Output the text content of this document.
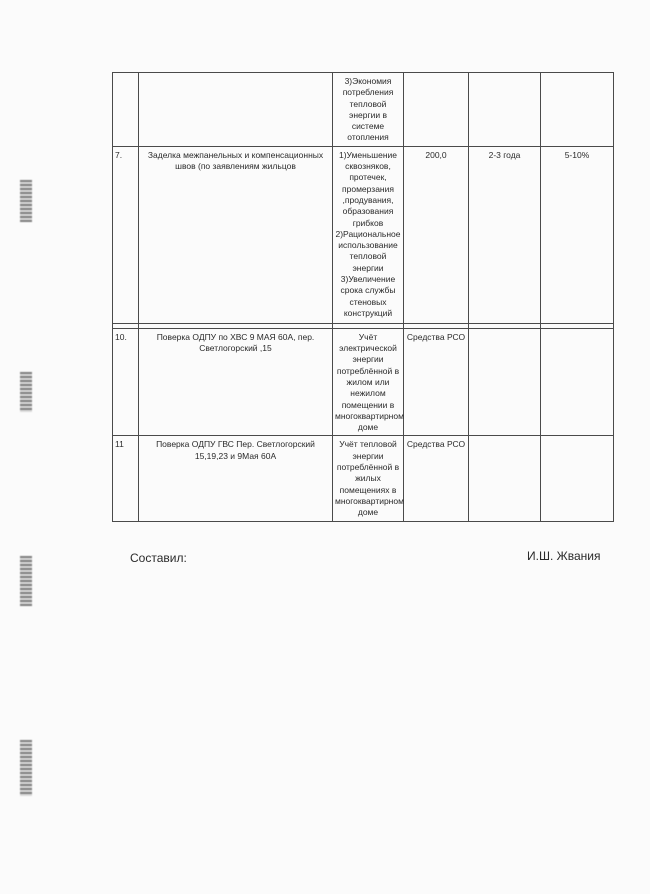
		3)Экономия потребления тепловой энергии в системе отопления			
7.	Заделка межпанельных и компенсационных швов (по заявлениям жильцов	1)Уменьшение сквозняков, протечек, промерзания ,продувания, образования грибков 2)Рациональное использование тепловой энергии 3)Увеличение срока службы стеновых конструкций	200,0	2-3 года	5-10%

10.	Поверка ОДПУ по ХВС 9 МАЯ 60А, пер. Светлогорский ,15	Учёт электрической энергии потреблённой в жилом или нежилом помещении в многоквартирном доме	Средства РСО		
11	Поверка ОДПУ ГВС Пер. Светлогорский 15,19,23 и 9Мая 60А	Учёт тепловой энергии потреблённой в жилых помещениях в многоквартирном доме	Средства РСО		
Составил:	И.Ш. Жвания
